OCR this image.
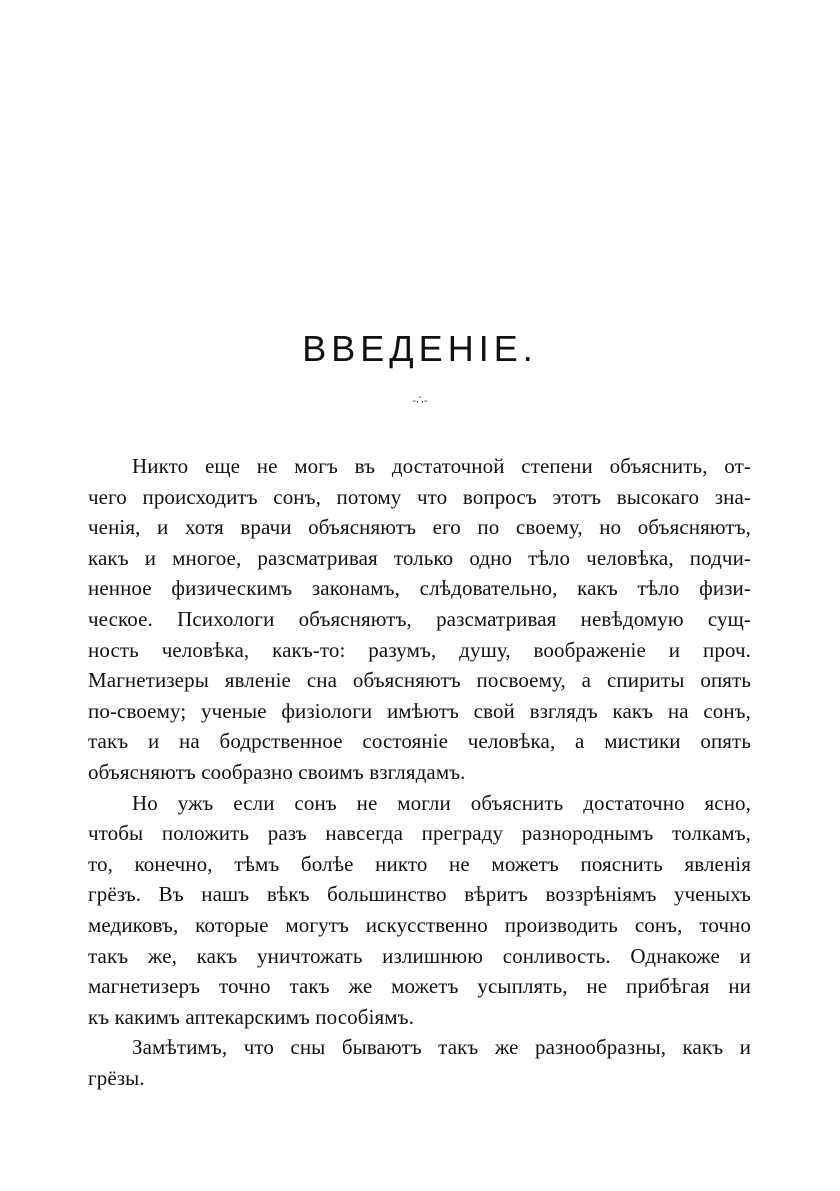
ВВЕДЕНІЕ.
-∴-
Никто еще не могъ въ достаточной степени объяснить, от-
чего происходитъ сонъ, потому что вопросъ этотъ высокаго зна-
ченія, и хотя врачи объясняютъ его по своему, но объясняютъ,
какъ и многое, разсматривая только одно тѣло человѣка, подчи-
ненное физическимъ законамъ, слѣдовательно, какъ тѣло физи-
ческое. Психологи объясняютъ, разсматривая невѣдомую сущ-
ность человѣка, какъ-то: разумъ, душу, воображеніе и проч.
Магнетизеры явленіе сна объясняютъ посвоему, а спириты опять
по-своему; ученые физіологи имѣютъ свой взглядъ какъ на сонъ,
такъ и на бодрственное состояніе человѣка, а мистики опять
объясняютъ сообразно своимъ взглядамъ.
Но ужъ если сонъ не могли объяснить достаточно ясно,
чтобы положить разъ навсегда преграду разнороднымъ толкамъ,
то, конечно, тѣмъ болѣе никто не можетъ пояснить явленія
грёзъ. Въ нашъ вѣкъ большинство вѣритъ воззрѣніямъ ученыхъ
медиковъ, которые могутъ искусственно производить сонъ, точно
такъ же, какъ уничтожать излишнюю сонливость. Однакоже и
магнетизеръ точно такъ же можетъ усыплять, не прибѣгая ни
къ какимъ аптекарскимъ пособіямъ.
Замѣтимъ, что сны бываютъ такъ же разнообразны, какъ и
грёзы.
